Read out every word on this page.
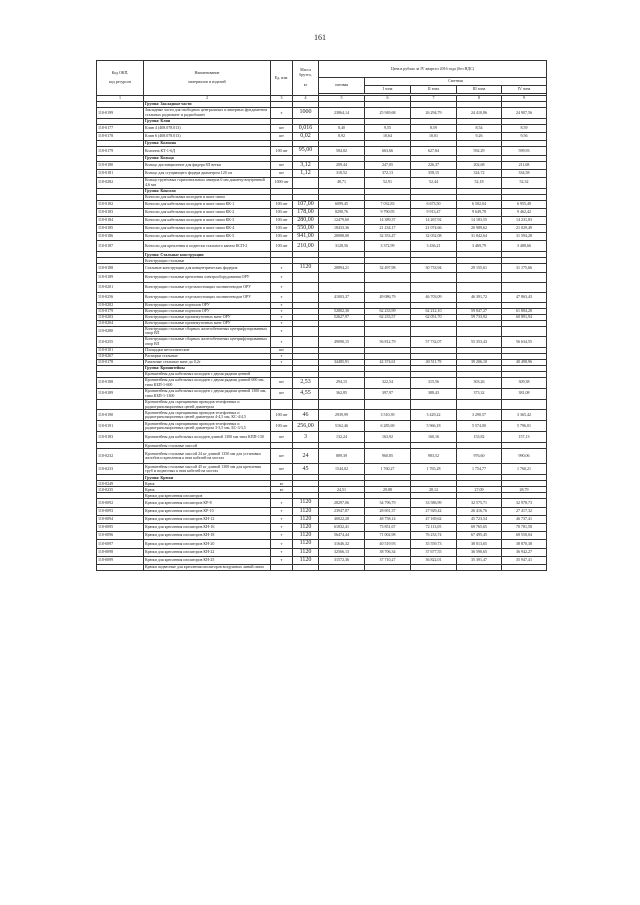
161
Код ОКП,

код ресурсов	Наименование

материалов и изделий	Ед. изм.	Масса брутто,

кг	Цена в рублях за IV квартал 2016 года (без НДС)				
				оптовая	Сметная			
					I зона	II зона	III зона	IV зона

1	2	3	4	5	6	7	8	9
	Группа: Закладные части							
110-0199	Закладные части для свободных центральных и анкерных фундаментов стальных радиомачт и радиобашен	т	1000	23864,14	25 949,68	26 294,79	24 410,86	24 907,56
	Группа: Клин							
110-0177	Клин 4 (408.078.013)	шт	0,016	8,40	9,55	8,59	8,54	8,59
110-0178	Клин 6 (408.078.013)	шт	0,02	8,92	10,64	10,01	9,26	9,56
	Группа: Колонна							
110-0179	Колонна КТ-1-6Д	100 шт	95,00	584,82	663,66	627,84	592,29	599,93
	Группа: Кольца							
110-0180	Кольцо дистанционное для фидера 8Л ветки	шт	3,12	209,44	247,05	226,37	202,68	211,68
110-0181	Кольцо для сгущающего фидера диаметром 120 см	шт	1,12	318,52	372,13	358,15	324,72	334,58
110-0282	Кольцо грунтовых горизонтальных анкеров 6 мм диаметр внутренний 4,6 мм	1000 шт		48,71	52,91	52,44	52,18	52,32
	Группа: Консоли							
	Консоли для кабельных колодцев и шахт связи							
110-0182	Консоли для кабельных колодцев и шахт связи КК-1	100 шт	107,00	6099,45	7 032,83	6 673,50	6 502,04	6 955,49
110-0183	Консоли для кабельных колодцев и шахт связи КК-2	100 шт	178,00	8290,76	9 790,95	9 913,47	9 649,78	9 462,42
110-0184	Консоли для кабельных колодцев и шахт связи КК-3	100 шт	280,00	12479,60	14 389,37	14 267,92	14 183,55	14 231,83
110-0185	Консоли для кабельных колодцев и шахт связи КК-4	100 шт	550,00	18433,36	21 234,17	21 074,66	20 989,62	21 029,49
110-0186	Консоли для кабельных колодцев и шахт связи КК-5	100 шт	941,00	28088,00	32 353,47	32 052,08	31 842,64	31 594,28
110-0187	Консоли для крепления и подвески стального каната КСП-2	100 шт	210,00	3128,56	3 372,99	3 436,21	3 469,79	3 488,66
	Группа: Стальные конструкции							
	Конструкции стальные							
110-0188	Стальные конструкции для концентрических фидеров	т	1120	28894,21	32 497,98	30 733,94	29 155,61	31 175,66
110-0189	Конструкции стальные крепления электрооборудования ОРУ	т						
110-0201	Конструкции стальные отдельностоящих молниеотводов ОРУ	т						
110-0256	Конструкции стальные отдельностоящих молниеотводов ОРУ	т		41003,37	49 086,79	46 703,09	46 391,72	47 863,43
110-0202	Конструкции стальные порталов ОРУ	т						
110-0179	Конструкции стальные порталов ОРУ	т		52802,30	62 233,99	62 212,10	59 847,27	61 804,28
110-0203	Конструкции стальные промежуточных мачт ОРУ	т		52627,97	62 233,57	62 051,70	59 733,92	60 891,94
110-0204	Конструкции стальные промежуточных мачт ОРУ	т						
110-0280	Конструкции стальные сборных железобетонных центрифугированных опор ВЛ	т						
110-0255	Конструкции стальные сборных железобетонных центрифугированных опор ВЛ	т		49090,15	56 812,79	57 732,07	55 353,43	56 634,55
110-0101	Площадки металлические	шт						
110-0267	Распорки стальные	т						
110-0178	Рамочные стальные мачт до 0,2т	т		34485,91	42 374,61	40 511,79	39 206,10	40 498,96
	Группа: Кронштейны							
	Кронштейны для кабельных колодцев с двумя рядами ценной							
110-0188	Кронштейны для кабельных колодцев с двумя рядами длиной 600 мм, типа КБП-1-600	шт	2,53	294,15	322,54	315,56	303,26	309,38
110-0189	Кронштейны для кабельных колодцев с двумя рядами ценной 1300 мм, типа КБП-1-1300	шт	4,55	362,85	397,97	388,43	373,32	381,08
	Кронштейны для скрещивания проводов телефонных и радиотрансляционных цепей диаметром							
110-0190	Кронштейны для скрещивания проводов телефонных и радиотрансляционных цепей диаметром 4-4,5 мм, КС-4/4,5	100 шт	46	2939,99	3 510,39	3 429,22	3 290,57	3 365,42
110-0191	Кронштейны для скрещивания проводов телефонных и радиотрансляционных цепей диаметром 3-3,5 мм, БС-3/3,5	100 шт	256,00	5162,46	6 285,69	5 966,18	5 574,00	5 796,01
110-0183	Кронштейны для кабельных колодцев длиной 1300 мм типа КПП-130	шт	3	132,24	163,92	160,16	153,82	157,13
	Кронштейны стальные массой							
110-0232	Кронштейны стальные массой 24 кг длиной 1350 мм для установки желобов и крепления к ним кабелей на мостах	шт	24	889,39	960,85	983,52	976,60	990,06
110-0233	Кронштейны стальные массой 45 кг длиной 1300 мм для крепления труб и подвесных к ним кабелей на мостах	шт	45	1544,02	1 760,27	1 765,28	1 754,77	1 760,21
	Группа: Крюки							
110-0249	Крюк	кг						
110-0235	Крюк	кг		24,51	29,88	28,12	27,09	28,79
	Крюки для крепления изоляторов							
110-0092	Крюки для крепления изоляторов КР-8	т	1120	28297,06	34 796,79	33 586,99	32 575,71	32 978,73
110-0093	Крюки для крепления изоляторов КР-10	т	1120	23947,87	28 691,37	27 929,42	26 416,76	27 417,32
110-0094	Крюки для крепления изоляторов КН-12	т	1120	40022,28	48 758,14	47 169,62	45 723,54	46 737,41
110-0095	Крюки для крепления изоляторов КН-16	т	1120	61832,41	73 851,67	72 113,05	69 765,65	70 781,58
110-0096	Крюки для крепления изоляторов КН-18	т	1120	56474,44	71 002,98	76 233,74	67 495,45	68 550,04
110-0097	Крюки для крепления изоляторов КН-20	т	1120	31646,32	40 519,93	35 559,73	38 013,65	38 870,38
110-0098	Крюки для крепления изоляторов КН-22	т	1120	32566,13	38 706,34	37 677,55	36 590,65	36 942,27
110-0099	Крюки для крепления изоляторов КН-25	т	1120	31572,36	37 710,27	36 822,01	35 391,47	35 947,41
	Крюки подвесные для крепления изоляторов воздушных линий связи							
